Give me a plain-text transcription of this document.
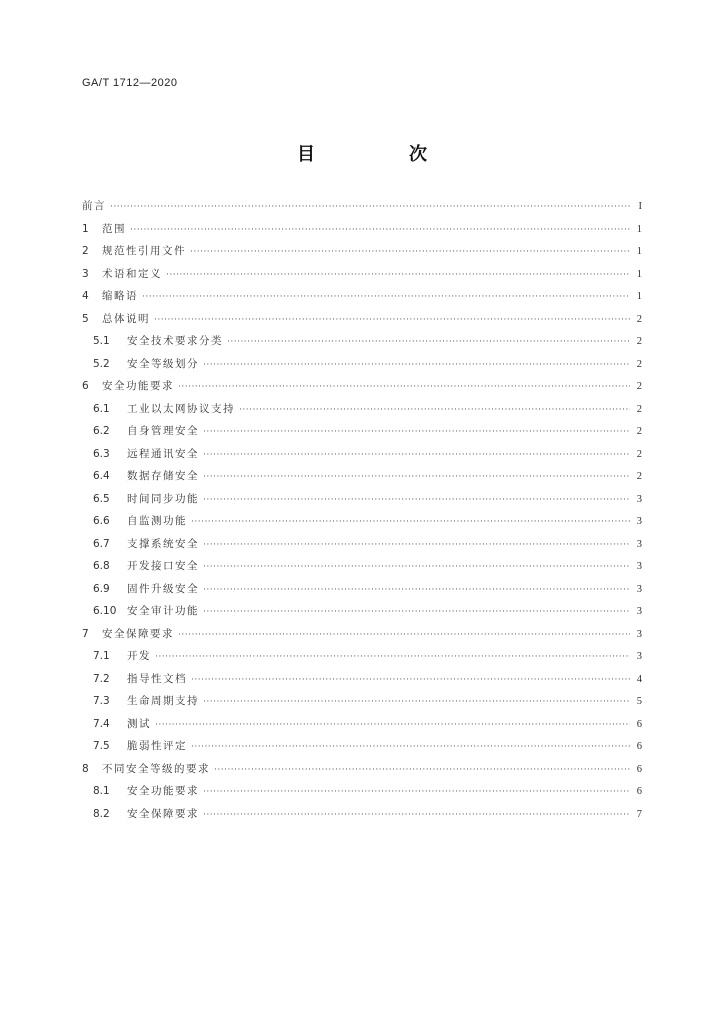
GA/T 1712—2020
目　次
前言 ·····	I
1	范围 ·····	1
2	规范性引用文件 ·····	1
3	术语和定义 ·····	1
4	缩略语 ·····	1
5	总体说明 ·····	2
5.1	安全技术要求分类 ·····	2
5.2	安全等级划分 ·····	2
6	安全功能要求 ·····	2
6.1	工业以太网协议支持 ·····	2
6.2	自身管理安全 ·····	2
6.3	远程通讯安全 ·····	2
6.4	数据存储安全 ·····	2
6.5	时间同步功能 ·····	3
6.6	自监测功能 ·····	3
6.7	支撑系统安全 ·····	3
6.8	开发接口安全 ·····	3
6.9	固件升级安全 ·····	3
6.10	安全审计功能 ·····	3
7	安全保障要求 ·····	3
7.1	开发 ·····	3
7.2	指导性文档 ·····	4
7.3	生命周期支持 ·····	5
7.4	测试 ·····	6
7.5	脆弱性评定 ·····	6
8	不同安全等级的要求 ·····	6
8.1	安全功能要求 ·····	6
8.2	安全保障要求 ·····	7
